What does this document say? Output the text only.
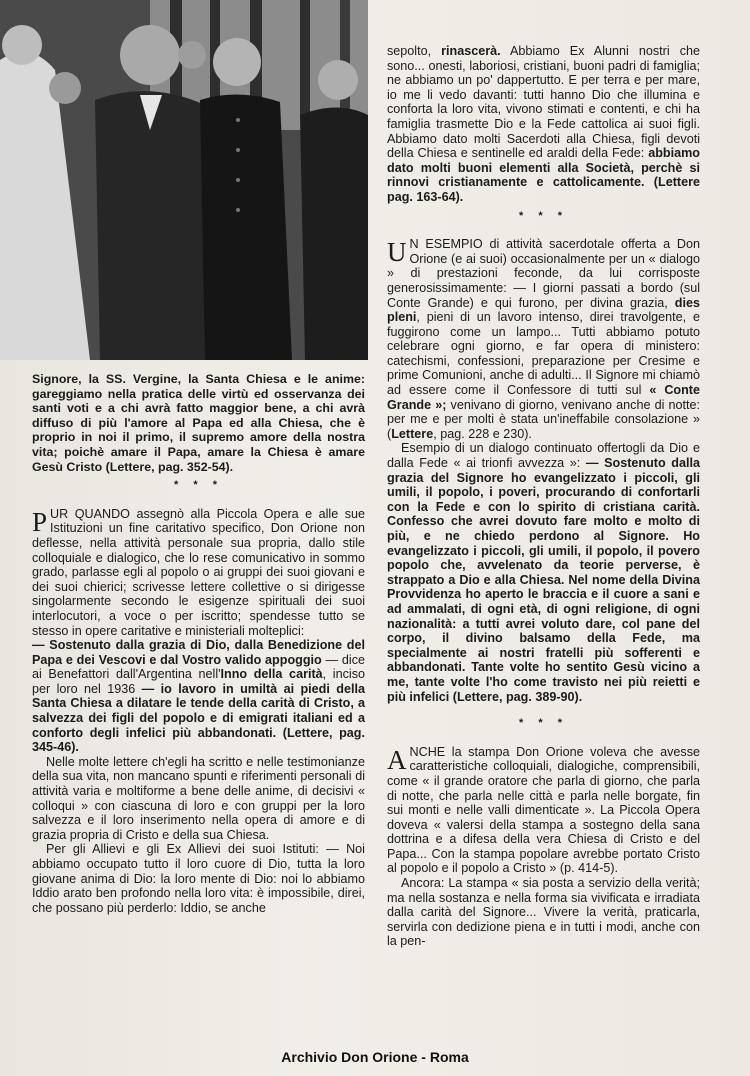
Signore, la SS. Vergine, la Santa Chiesa e le anime: gareggiamo nella pratica delle virtù ed osservanza dei santi voti e a chi avrà fatto maggior bene, a chi avrà diffuso di più l'amore al Papa ed alla Chiesa, che è proprio in noi il primo, il supremo amore della nostra vita; poichè amare il Papa, amare la Chiesa è amare Gesù Cristo (Lettere, pag. 352-54).

* * *

PUR QUANDO assegnò alla Piccola Opera e alle sue Istituzioni un fine caritativo specifico, Don Orione non deflesse, nella attività personale sua propria, dallo stile colloquiale e dialogico, che lo rese comunicativo in sommo grado, parlasse egli al popolo o ai gruppi dei suoi giovani e dei suoi chierici; scrivesse lettere collettive o si dirigesse singolarmente secondo le esigenze spirituali dei suoi interlocutori, a voce o per iscritto; spendesse tutto se stesso in opere caritative e ministeriali molteplici:

— Sostenuto dalla grazia di Dio, dalla Benedizione del Papa e dei Vescovi e dal Vostro valido appoggio — dice ai Benefattori dall'Argentina nell'Inno della carità, inciso per loro nel 1936 — io lavoro in umiltà ai piedi della Santa Chiesa a dilatare le tende della carità di Cristo, a salvezza dei figli del popolo e di emigrati italiani ed a conforto degli infelici più abbandonati. (Lettere, pag. 345-46).

Nelle molte lettere ch'egli ha scritto e nelle testimonianze della sua vita, non mancano spunti e riferimenti personali di attività varia e moltiforme a bene delle anime, di decisivi « colloqui » con ciascuna di loro e con gruppi per la loro salvezza e il loro inserimento nella opera di amore e di grazia propria di Cristo e della sua Chiesa.

Per gli Allievi e gli Ex Allievi dei suoi Istituti: — Noi abbiamo occupato tutto il loro cuore di Dio, tutta la loro giovane anima di Dio: la loro mente di Dio: noi lo abbiamo Iddio arato ben profondo nella loro vita: è impossibile, direi, che possano più perderlo: Iddio, se anche

sepolto, rinascerà. Abbiamo Ex Alunni nostri che sono... onesti, laboriosi, cristiani, buoni padri di famiglia; ne abbiamo un po' dappertutto. E per terra e per mare, io me li vedo davanti: tutti hanno Dio che illumina e conforta la loro vita, vivono stimati e contenti, e chi ha famiglia trasmette Dio e la Fede cattolica ai suoi figli. Abbiamo dato molti Sacerdoti alla Chiesa, figli devoti della Chiesa e sentinelle ed araldi della Fede: abbiamo dato molti buoni elementi alla Società, perchè si rinnovi cristianamente e cattolicamente. (Lettere pag. 163-64).

* * *

U N ESEMPIO di attività sacerdotale offerta a Don Orione (e ai suoi) occasionalmente per un « dialogo » di prestazioni feconde, da lui corrisposte generosissimamente: — I giorni passati a bordo (sul Conte Grande) e qui furono, per divina grazia, dies pleni, pieni di un lavoro intenso, direi travolgente, e fuggirono come un lampo... Tutti abbiamo potuto celebrare ogni giorno, e far opera di ministero: catechismi, confessioni, preparazione per Cresime e prime Comunioni, anche di adulti... Il Signore mi chiamò ad essere come il Confessore di tutti sul « Conte Grande »; venivano di giorno, venivano anche di notte: per me e per molti è stata un'ineffabile consolazione » (Lettere, pag. 228 e 230).

Esempio di un dialogo continuato offertogli da Dio e dalla Fede « ai trionfi avvezza »: — Sostenuto dalla grazia del Signore ho evangelizzato i piccoli, gli umili, il popolo, i poveri, procurando di confortarli con la Fede e con lo spirito di cristiana carità. Confesso che avrei dovuto fare molto e molto di più, e ne chiedo perdono al Signore. Ho evangelizzato i piccoli, gli umili, il popolo, il povero popolo che, avvelenato da teorie perverse, è strappato a Dio e alla Chiesa. Nel nome della Divina Provvidenza ho aperto le braccia e il cuore a sani e ad ammalati, di ogni età, di ogni religione, di ogni nazionalità: a tutti avrei voluto dare, col pane del corpo, il divino balsamo della Fede, ma specialmente ai nostri fratelli più sofferenti e abbandonati. Tante volte ho sentito Gesù vicino a me, tante volte l'ho come travisto nei più reietti e più infelici (Lettere, pag. 389-90).

* * *

ANCHE la stampa Don Orione voleva che avesse caratteristiche colloquiali, dialogiche, comprensibili, come « il grande oratore che parla di giorno, che parla di notte, che parla nelle città e parla nelle borgate, fin sui monti e nelle valli dimenticate ». La Piccola Opera doveva « valersi della stampa a sostegno della sana dottrina e a difesa della vera Chiesa di Cristo e del Papa... Con la stampa popolare avrebbe portato Cristo al popolo e il popolo a Cristo » (p. 414-5).

Ancora: La stampa « sia posta a servizio della verità; ma nella sostanza e nella forma sia vivificata e irradiata dalla carità del Signore... Vivere la verità, praticarla, servirla con dedizione piena e in tutti i modi, anche con la pen-

Archivio Don Orione - Roma
